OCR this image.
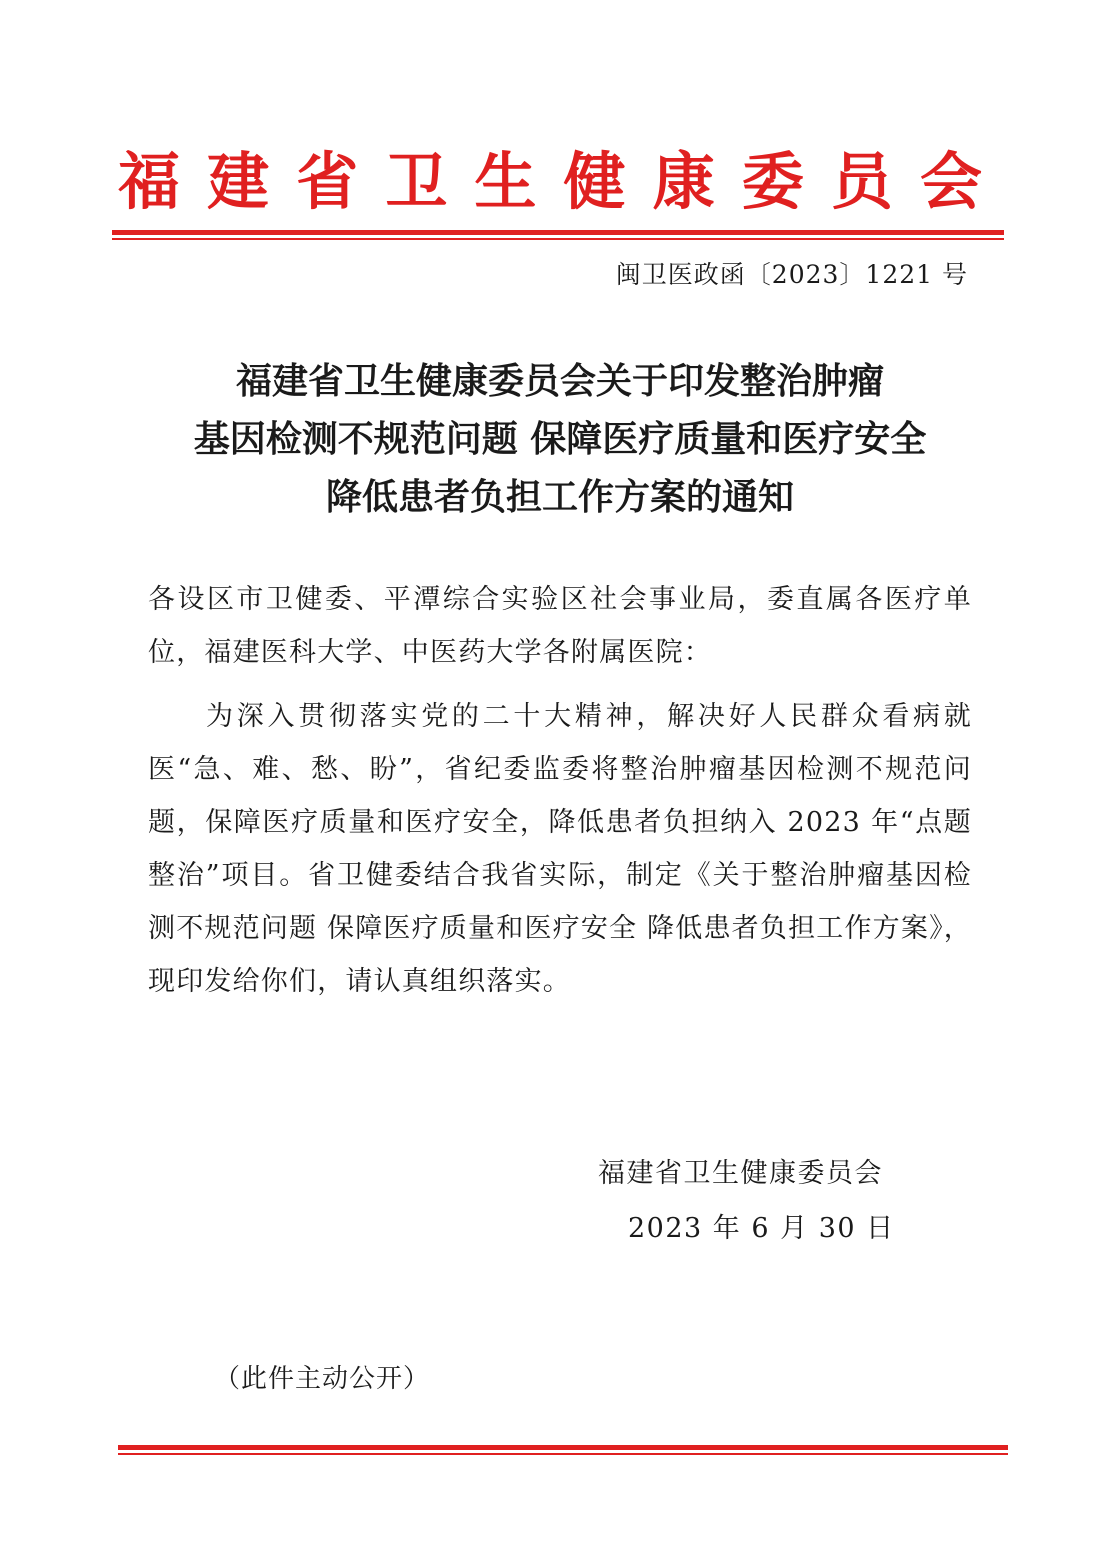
福 建 省 卫 生 健 康 委 员 会
闽卫医政函〔2023〕1221 号
福建省卫生健康委员会关于印发整治肿瘤
基因检测不规范问题 保障医疗质量和医疗安全
降低患者负担工作方案的通知
各设区市卫健委、平潭综合实验区社会事业局，委直属各医疗单位，福建医科大学、中医药大学各附属医院：
为深入贯彻落实党的二十大精神，解决好人民群众看病就医“急、难、愁、盼”，省纪委监委将整治肿瘤基因检测不规范问题，保障医疗质量和医疗安全，降低患者负担纳入 2023 年“点题整治”项目。省卫健委结合我省实际，制定《关于整治肿瘤基因检测不规范问题 保障医疗质量和医疗安全 降低患者负担工作方案》，现印发给你们，请认真组织落实。
福建省卫生健康委员会
2023 年 6 月 30 日
（此件主动公开）
